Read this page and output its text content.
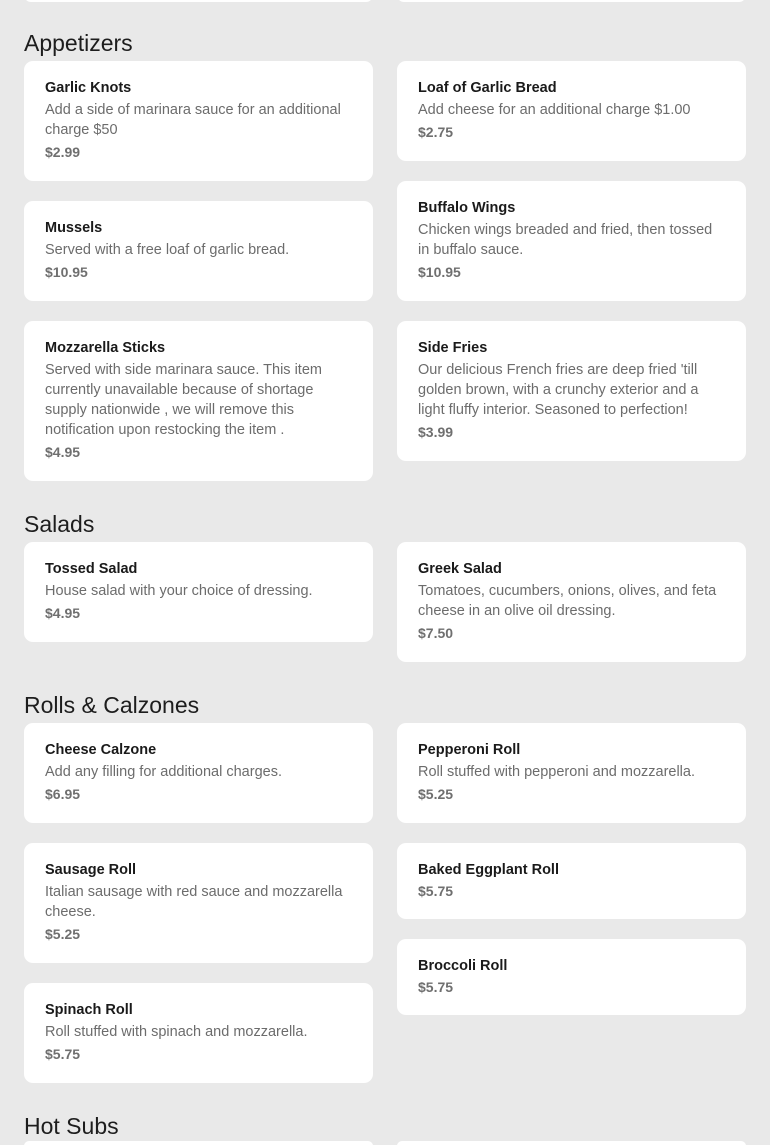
Appetizers
Garlic Knots
Add a side of marinara sauce for an additional charge $50
$2.99
Loaf of Garlic Bread
Add cheese for an additional charge $1.00
$2.75
Mussels
Served with a free loaf of garlic bread.
$10.95
Buffalo Wings
Chicken wings breaded and fried, then tossed in buffalo sauce.
$10.95
Mozzarella Sticks
Served with side marinara sauce. This item currently unavailable because of shortage supply nationwide , we will remove this notification upon restocking the item .
$4.95
Side Fries
Our delicious French fries are deep fried 'till golden brown, with a crunchy exterior and a light fluffy interior. Seasoned to perfection!
$3.99
Salads
Tossed Salad
House salad with your choice of dressing.
$4.95
Greek Salad
Tomatoes, cucumbers, onions, olives, and feta cheese in an olive oil dressing.
$7.50
Rolls & Calzones
Cheese Calzone
Add any filling for additional charges.
$6.95
Pepperoni Roll
Roll stuffed with pepperoni and mozzarella.
$5.25
Sausage Roll
Italian sausage with red sauce and mozzarella cheese.
$5.25
Baked Eggplant Roll
$5.75
Broccoli Roll
$5.75
Spinach Roll
Roll stuffed with spinach and mozzarella.
$5.75
Hot Subs
